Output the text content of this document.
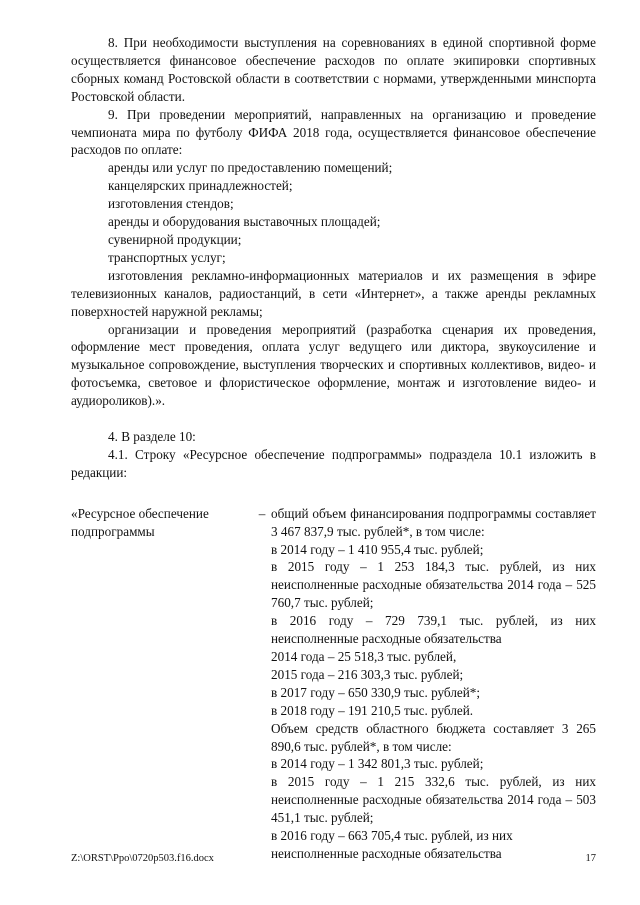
8. При необходимости выступления на соревнованиях в единой спортивной форме осуществляется финансовое обеспечение расходов по оплате экипировки спортивных сборных команд Ростовской области в соответствии с нормами, утвержденными минспорта Ростовской области.

9. При проведении мероприятий, направленных на организацию и проведение чемпионата мира по футболу ФИФА 2018 года, осуществляется финансовое обеспечение расходов по оплате:

аренды или услуг по предоставлению помещений;

канцелярских принадлежностей;

изготовления стендов;

аренды и оборудования выставочных площадей;

сувенирной продукции;

транспортных услуг;

изготовления рекламно-информационных материалов и их размещения в эфире телевизионных каналов, радиостанций, в сети «Интернет», а также аренды рекламных поверхностей наружной рекламы;

организации и проведения мероприятий (разработка сценария их проведения, оформление мест проведения, оплата услуг ведущего или диктора, звукоусиление и музыкальное сопровождение, выступления творческих и спортивных коллективов, видео- и фотосъемка, световое и флористическое оформление, монтаж и изготовление видео- и аудиороликов).».

4. В разделе 10:

4.1. Строку «Ресурсное обеспечение подпрограммы» подраздела 10.1 изложить в редакции:

«Ресурсное обеспечение подпрограммы
– общий объем финансирования подпрограммы составляет 3 467 837,9 тыс. рублей*, в том числе:

в 2014 году – 1 410 955,4 тыс. рублей;

в 2015 году – 1 253 184,3 тыс. рублей, из них неисполненные расходные обязательства 2014 года – 525 760,7 тыс. рублей;

в 2016 году – 729 739,1 тыс. рублей, из них неисполненные расходные обязательства

2014 года – 25 518,3 тыс. рублей,

2015 года – 216 303,3 тыс. рублей;

в 2017 году – 650 330,9 тыс. рублей*;

в 2018 году – 191 210,5 тыс. рублей.

Объем средств областного бюджета составляет 3 265 890,6 тыс. рублей*, в том числе:

в 2014 году – 1 342 801,3 тыс. рублей;

в 2015 году – 1 215 332,6 тыс. рублей, из них неисполненные расходные обязательства 2014 года – 503 451,1 тыс. рублей;

в 2016 году – 663 705,4 тыс. рублей, из них неисполненные расходные обязательства

Z:\ORST\Ppo\0720p503.f16.docx	17
